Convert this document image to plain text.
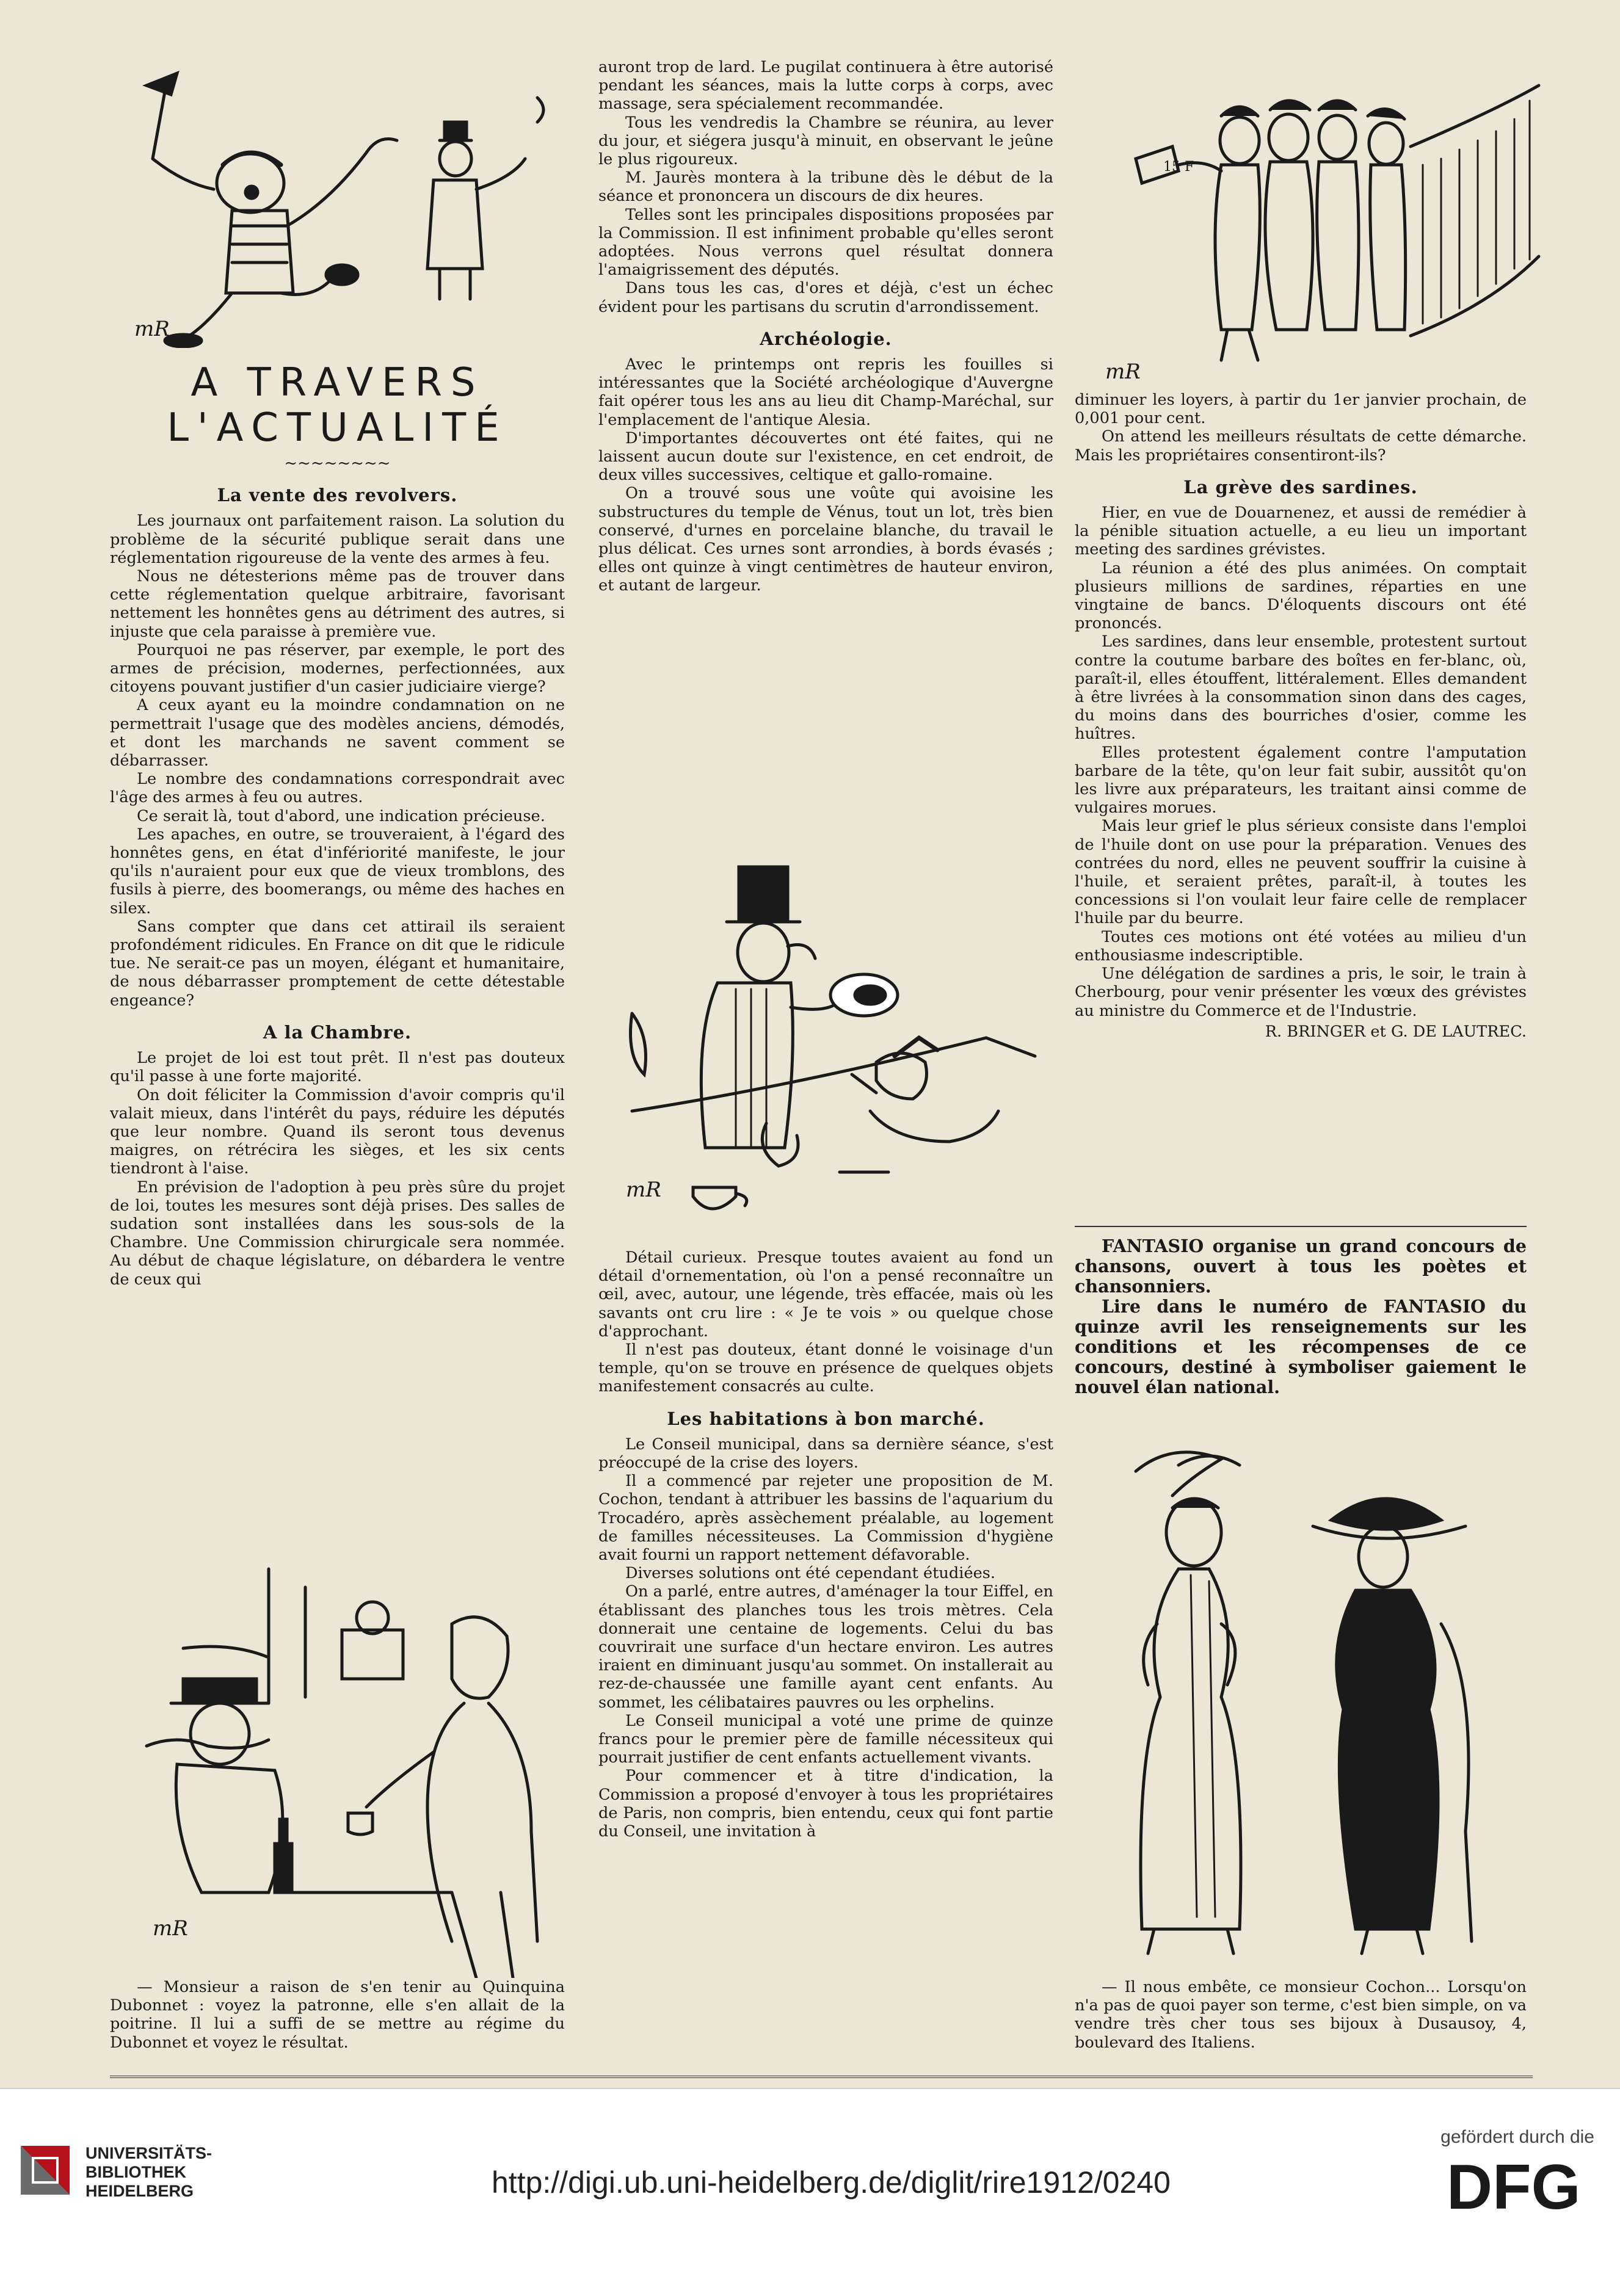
mR
A TRAVERS
L'ACTUALITÉ
~~~~~~~~
La vente des revolvers.

Les journaux ont parfaitement raison. La solution du problème de la sécurité publique serait dans une réglementation rigoureuse de la vente des armes à feu.

Nous ne détesterions même pas de trouver dans cette réglementation quelque arbitraire, favorisant nettement les honnêtes gens au détriment des autres, si injuste que cela paraisse à première vue.

Pourquoi ne pas réserver, par exemple, le port des armes de précision, modernes, perfectionnées, aux citoyens pouvant justifier d'un casier judiciaire vierge?

A ceux ayant eu la moindre condamnation on ne permettrait l'usage que des modèles anciens, démodés, et dont les marchands ne savent comment se débarrasser.

Le nombre des condamnations correspondrait avec l'âge des armes à feu ou autres.

Ce serait là, tout d'abord, une indication précieuse.

Les apaches, en outre, se trouveraient, à l'égard des honnêtes gens, en état d'infériorité manifeste, le jour qu'ils n'auraient pour eux que de vieux tromblons, des fusils à pierre, des boomerangs, ou même des haches en silex.

Sans compter que dans cet attirail ils seraient profondément ridicules. En France on dit que le ridicule tue. Ne serait-ce pas un moyen, élégant et humanitaire, de nous débarrasser promptement de cette détestable engeance?

A la Chambre.

Le projet de loi est tout prêt. Il n'est pas douteux qu'il passe à une forte majorité.

On doit féliciter la Commission d'avoir compris qu'il valait mieux, dans l'intérêt du pays, réduire les députés que leur nombre. Quand ils seront tous devenus maigres, on rétrécira les sièges, et les six cents tiendront à l'aise.

En prévision de l'adoption à peu près sûre du projet de loi, toutes les mesures sont déjà prises. Des salles de sudation sont installées dans les sous-sols de la Chambre. Une Commission chirurgicale sera nommée. Au début de chaque législature, on débardera le ventre de ceux qui

mR

— Monsieur a raison de s'en tenir au Quinquina Dubonnet : voyez la patronne, elle s'en allait de la poitrine. Il lui a suffi de se mettre au régime du Dubonnet et voyez le résultat.

auront trop de lard. Le pugilat continuera à être autorisé pendant les séances, mais la lutte corps à corps, avec massage, sera spécialement recommandée.

Tous les vendredis la Chambre se réunira, au lever du jour, et siégera jusqu'à minuit, en observant le jeûne le plus rigoureux.

M. Jaurès montera à la tribune dès le début de la séance et prononcera un discours de dix heures.

Telles sont les principales dispositions proposées par la Commission. Il est infiniment probable qu'elles seront adoptées. Nous verrons quel résultat donnera l'amaigrissement des députés.

Dans tous les cas, d'ores et déjà, c'est un échec évident pour les partisans du scrutin d'arrondissement.

Archéologie.

Avec le printemps ont repris les fouilles si intéressantes que la Société archéologique d'Auvergne fait opérer tous les ans au lieu dit Champ-Maréchal, sur l'emplacement de l'antique Alesia.

D'importantes découvertes ont été faites, qui ne laissent aucun doute sur l'existence, en cet endroit, de deux villes successives, celtique et gallo-romaine.

On a trouvé sous une voûte qui avoisine les substructures du temple de Vénus, tout un lot, très bien conservé, d'urnes en porcelaine blanche, du travail le plus délicat. Ces urnes sont arrondies, à bords évasés ; elles ont quinze à vingt centimètres de hauteur environ, et autant de largeur.

mR

Détail curieux. Presque toutes avaient au fond un détail d'ornementation, où l'on a pensé reconnaître un œil, avec, autour, une légende, très effacée, mais où les savants ont cru lire : « Je te vois » ou quelque chose d'approchant.

Il n'est pas douteux, étant donné le voisinage d'un temple, qu'on se trouve en présence de quelques objets manifestement consacrés au culte.

Les habitations à bon marché.

Le Conseil municipal, dans sa dernière séance, s'est préoccupé de la crise des loyers.

Il a commencé par rejeter une proposition de M. Cochon, tendant à attribuer les bassins de l'aquarium du Trocadéro, après assèchement préalable, au logement de familles nécessiteuses. La Commission d'hygiène avait fourni un rapport nettement défavorable.

Diverses solutions ont été cependant étudiées.

On a parlé, entre autres, d'aménager la tour Eiffel, en établissant des planches tous les trois mètres. Cela donnerait une centaine de logements. Celui du bas couvrirait une surface d'un hectare environ. Les autres iraient en diminuant jusqu'au sommet. On installerait au rez-de-chaussée une famille ayant cent enfants. Au sommet, les célibataires pauvres ou les orphelins.

Le Conseil municipal a voté une prime de quinze francs pour le premier père de famille nécessiteux qui pourrait justifier de cent enfants actuellement vivants.

Pour commencer et à titre d'indication, la Commission a proposé d'envoyer à tous les propriétaires de Paris, non compris, bien entendu, ceux qui font partie du Conseil, une invitation à

15 F
mR

diminuer les loyers, à partir du 1er janvier prochain, de 0,001 pour cent.

On attend les meilleurs résultats de cette démarche. Mais les propriétaires consentiront-ils?

La grève des sardines.

Hier, en vue de Douarnenez, et aussi de remédier à la pénible situation actuelle, a eu lieu un important meeting des sardines grévistes.

La réunion a été des plus animées. On comptait plusieurs millions de sardines, réparties en une vingtaine de bancs. D'éloquents discours ont été prononcés.

Les sardines, dans leur ensemble, protestent surtout contre la coutume barbare des boîtes en fer-blanc, où, paraît-il, elles étouffent, littéralement. Elles demandent à être livrées à la consommation sinon dans des cages, du moins dans des bourriches d'osier, comme les huîtres.

Elles protestent également contre l'amputation barbare de la tête, qu'on leur fait subir, aussitôt qu'on les livre aux préparateurs, les traitant ainsi comme de vulgaires morues.

Mais leur grief le plus sérieux consiste dans l'emploi de l'huile dont on use pour la préparation. Venues des contrées du nord, elles ne peuvent souffrir la cuisine à l'huile, et seraient prêtes, paraît-il, à toutes les concessions si l'on voulait leur faire celle de remplacer l'huile par du beurre.

Toutes ces motions ont été votées au milieu d'un enthousiasme indescriptible.

Une délégation de sardines a pris, le soir, le train à Cherbourg, pour venir présenter les vœux des grévistes au ministre du Commerce et de l'Industrie.

R. BRINGER et G. DE LAUTREC.

FANTASIO organise un grand concours de chansons, ouvert à tous les poètes et chansonniers.

Lire dans le numéro de FANTASIO du quinze avril les renseignements sur les conditions et les récompenses de ce concours, destiné à symboliser gaiement le nouvel élan national.

— Il nous embête, ce monsieur Cochon... Lorsqu'on n'a pas de quoi payer son terme, c'est bien simple, on va vendre très cher tous ses bijoux à Dusausoy, 4, boulevard des Italiens.

UNIVERSITÄTS-
BIBLIOTHEK
HEIDELBERG	http://digi.ub.uni-heidelberg.de/diglit/rire1912/0240
gefördert durch die
DFG
